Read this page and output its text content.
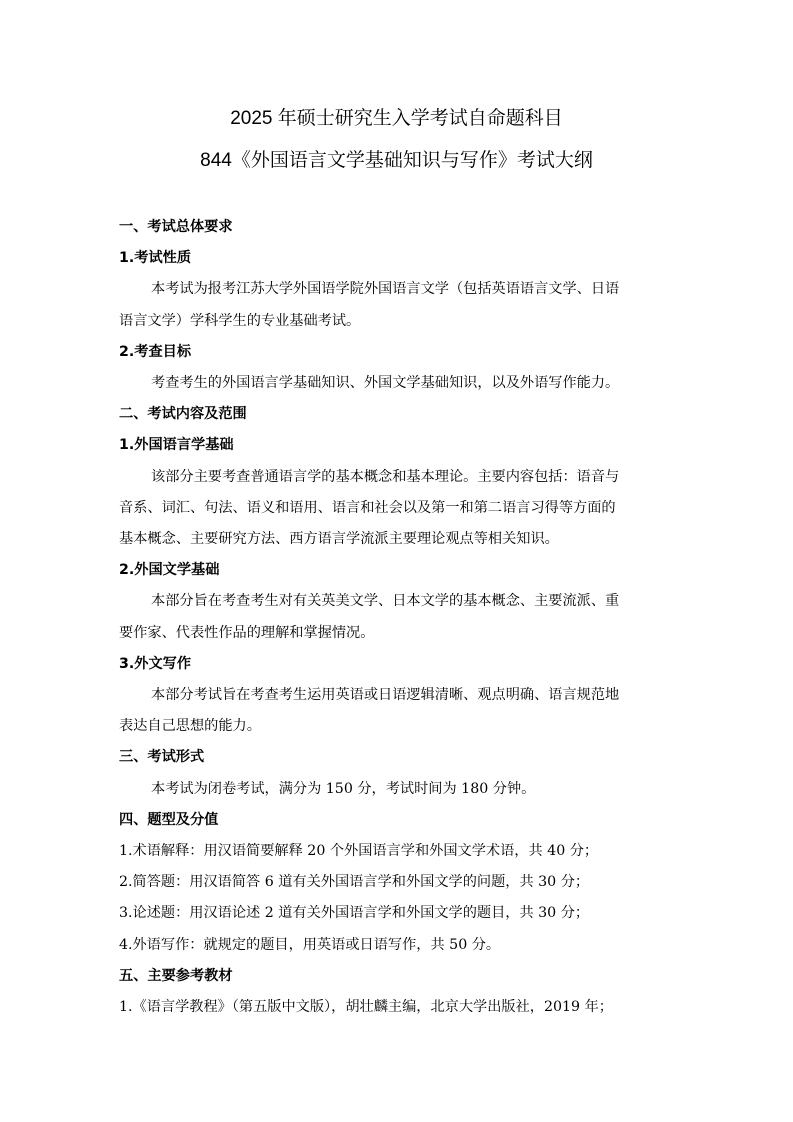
2025 年硕士研究生入学考试自命题科目
844《外国语言文学基础知识与写作》考试大纲
一、考试总体要求
1.考试性质
本考试为报考江苏大学外国语学院外国语言文学（包括英语语言文学、日语
语言文学）学科学生的专业基础考试。
2.考查目标
考查考生的外国语言学基础知识、外国文学基础知识，以及外语写作能力。
二、考试内容及范围
1.外国语言学基础
该部分主要考查普通语言学的基本概念和基本理论。主要内容包括：语音与
音系、词汇、句法、语义和语用、语言和社会以及第一和第二语言习得等方面的
基本概念、主要研究方法、西方语言学流派主要理论观点等相关知识。
2.外国文学基础
本部分旨在考查考生对有关英美文学、日本文学的基本概念、主要流派、重
要作家、代表性作品的理解和掌握情况。
3.外文写作
本部分考试旨在考查考生运用英语或日语逻辑清晰、观点明确、语言规范地
表达自己思想的能力。
三、考试形式
本考试为闭卷考试，满分为 150 分，考试时间为 180 分钟。
四、题型及分值
1.术语解释：用汉语简要解释 20 个外国语言学和外国文学术语，共 40 分；
2.简答题：用汉语简答 6 道有关外国语言学和外国文学的问题，共 30 分；
3.论述题：用汉语论述 2 道有关外国语言学和外国文学的题目，共 30 分；
4.外语写作：就规定的题目，用英语或日语写作，共 50 分。
五、主要参考教材
1.《语言学教程》（第五版中文版），胡壮麟主编，北京大学出版社，2019 年；
